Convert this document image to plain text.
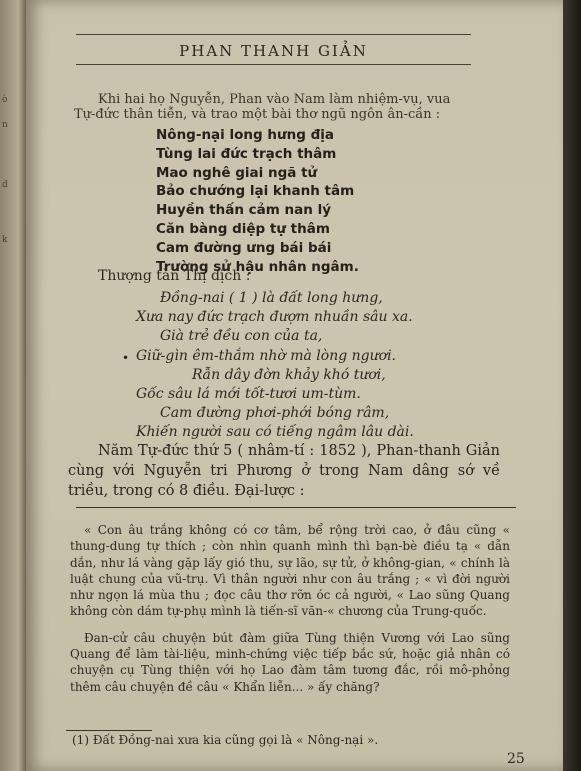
ò
n
d
k
PHAN THANH GIẢN

Khi hai họ Nguyễn, Phan vào Nam làm nhiệm-vụ, vua

Tự-đức thân tiễn, và trao một bài thơ ngũ ngôn ân-cần :

Nông-nại long hưng địa
Tùng lai đức trạch thâm
Mao nghê giai ngã tử
Bảo chướng lại khanh tâm
Huyền thấn cảm nan lý
Căn bàng diệp tự thâm
Cam đường ưng bái bái
Trường sử hậu nhân ngâm.
Thượng tàn Thị dịch :
•
Đồng-nai ( 1 ) là đất long hưng,
Xưa nay đức trạch đượm nhuần sâu xa.
Già trẻ đều con của ta,
Giữ-gìn êm-thắm nhờ mà lòng ngươi.
Rẫn dây đờn khảy khó tươi,
Gốc sâu lá mới tốt-tươi um-tùm.
Cam đường phơi-phới bóng râm,
Khiến người sau có tiếng ngâm lâu dài.

Năm Tự-đức thứ 5 ( nhâm-tí : 1852 ), Phan-thanh Giản cùng với Nguyễn tri Phương ở trong Nam dâng sớ về triều, trong có 8 điều. Đại-lược :

« Con âu trắng không có cơ tâm, bể rộng trời cao, ở đâu cũng « thung-dung tự thích ; còn nhìn quanh mình thì bạn-bè điều tạ « dẫn dắn, như lá vàng gặp lấy gió thu, sự lão, sự tử, ở không-gian, « chính là luật chung của vũ-trụ. Vì thân người như con âu trắng ; « vì đời người như ngọn lá mùa thu ; đọc câu thơ rỡn óc cả người, « Lao sũng Quang không còn dám tự-phụ mình là tiến-sĩ văn-« chương của Trung-quốc.

Đan-cử câu chuyện bút đàm giữa Tùng thiện Vương với Lao sũng Quang để làm tài-liệu, minh-chứng việc tiếp bắc sứ, hoặc giả nhân có chuyện cụ Tùng thiện với họ Lao đàm tâm tương đắc, rồi mô-phỏng thêm câu chuyện đề câu « Khẩn liễn... » ấy chăng?

(1) Đất Đồng-nai xưa kia cũng gọi là « Nông-nại ».
25
